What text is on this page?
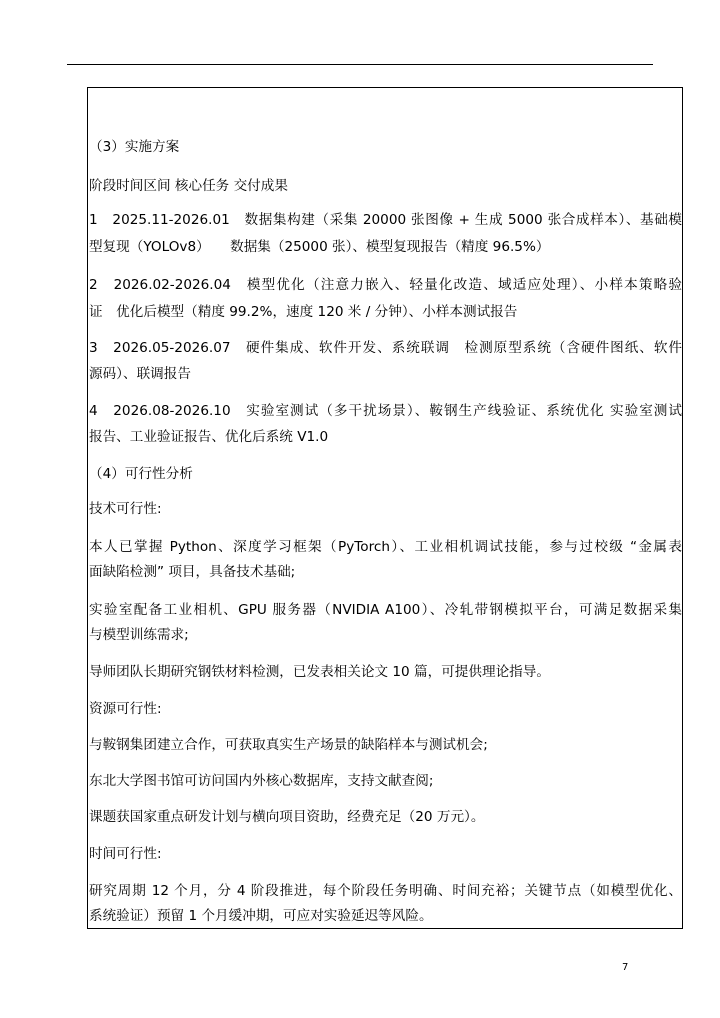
（3）实施方案

阶段时间区间 核心任务 交付成果

1　2025.11-2026.01　数据集构建（采集 20000 张图像 + 生成 5000 张合成样本）、基础模

型复现（YOLOv8）　　数据集（25000 张）、模型复现报告（精度 96.5%）

2　2026.02-2026.04　模型优化（注意力嵌入、轻量化改造、域适应处理）、小样本策略验

证　优化后模型（精度 99.2%，速度 120 米 / 分钟）、小样本测试报告

3　2026.05-2026.07　硬件集成、软件开发、系统联调　检测原型系统（含硬件图纸、软件

源码）、联调报告

4　2026.08-2026.10　实验室测试（多干扰场景）、鞍钢生产线验证、系统优化 实验室测试

报告、工业验证报告、优化后系统 V1.0

（4）可行性分析

技术可行性:

本人已掌握 Python、深度学习框架（PyTorch）、工业相机调试技能，参与过校级 “金属表

面缺陷检测” 项目，具备技术基础;

实验室配备工业相机、GPU 服务器（NVIDIA A100）、冷轧带钢模拟平台，可满足数据采集

与模型训练需求;

导师团队长期研究钢铁材料检测，已发表相关论文 10 篇，可提供理论指导。

资源可行性:

与鞍钢集团建立合作，可获取真实生产场景的缺陷样本与测试机会;

东北大学图书馆可访问国内外核心数据库，支持文献查阅;

课题获国家重点研发计划与横向项目资助，经费充足（20 万元）。

时间可行性:

研究周期 12 个月，分 4 阶段推进，每个阶段任务明确、时间充裕；关键节点（如模型优化、

系统验证）预留 1 个月缓冲期，可应对实验延迟等风险。

7
